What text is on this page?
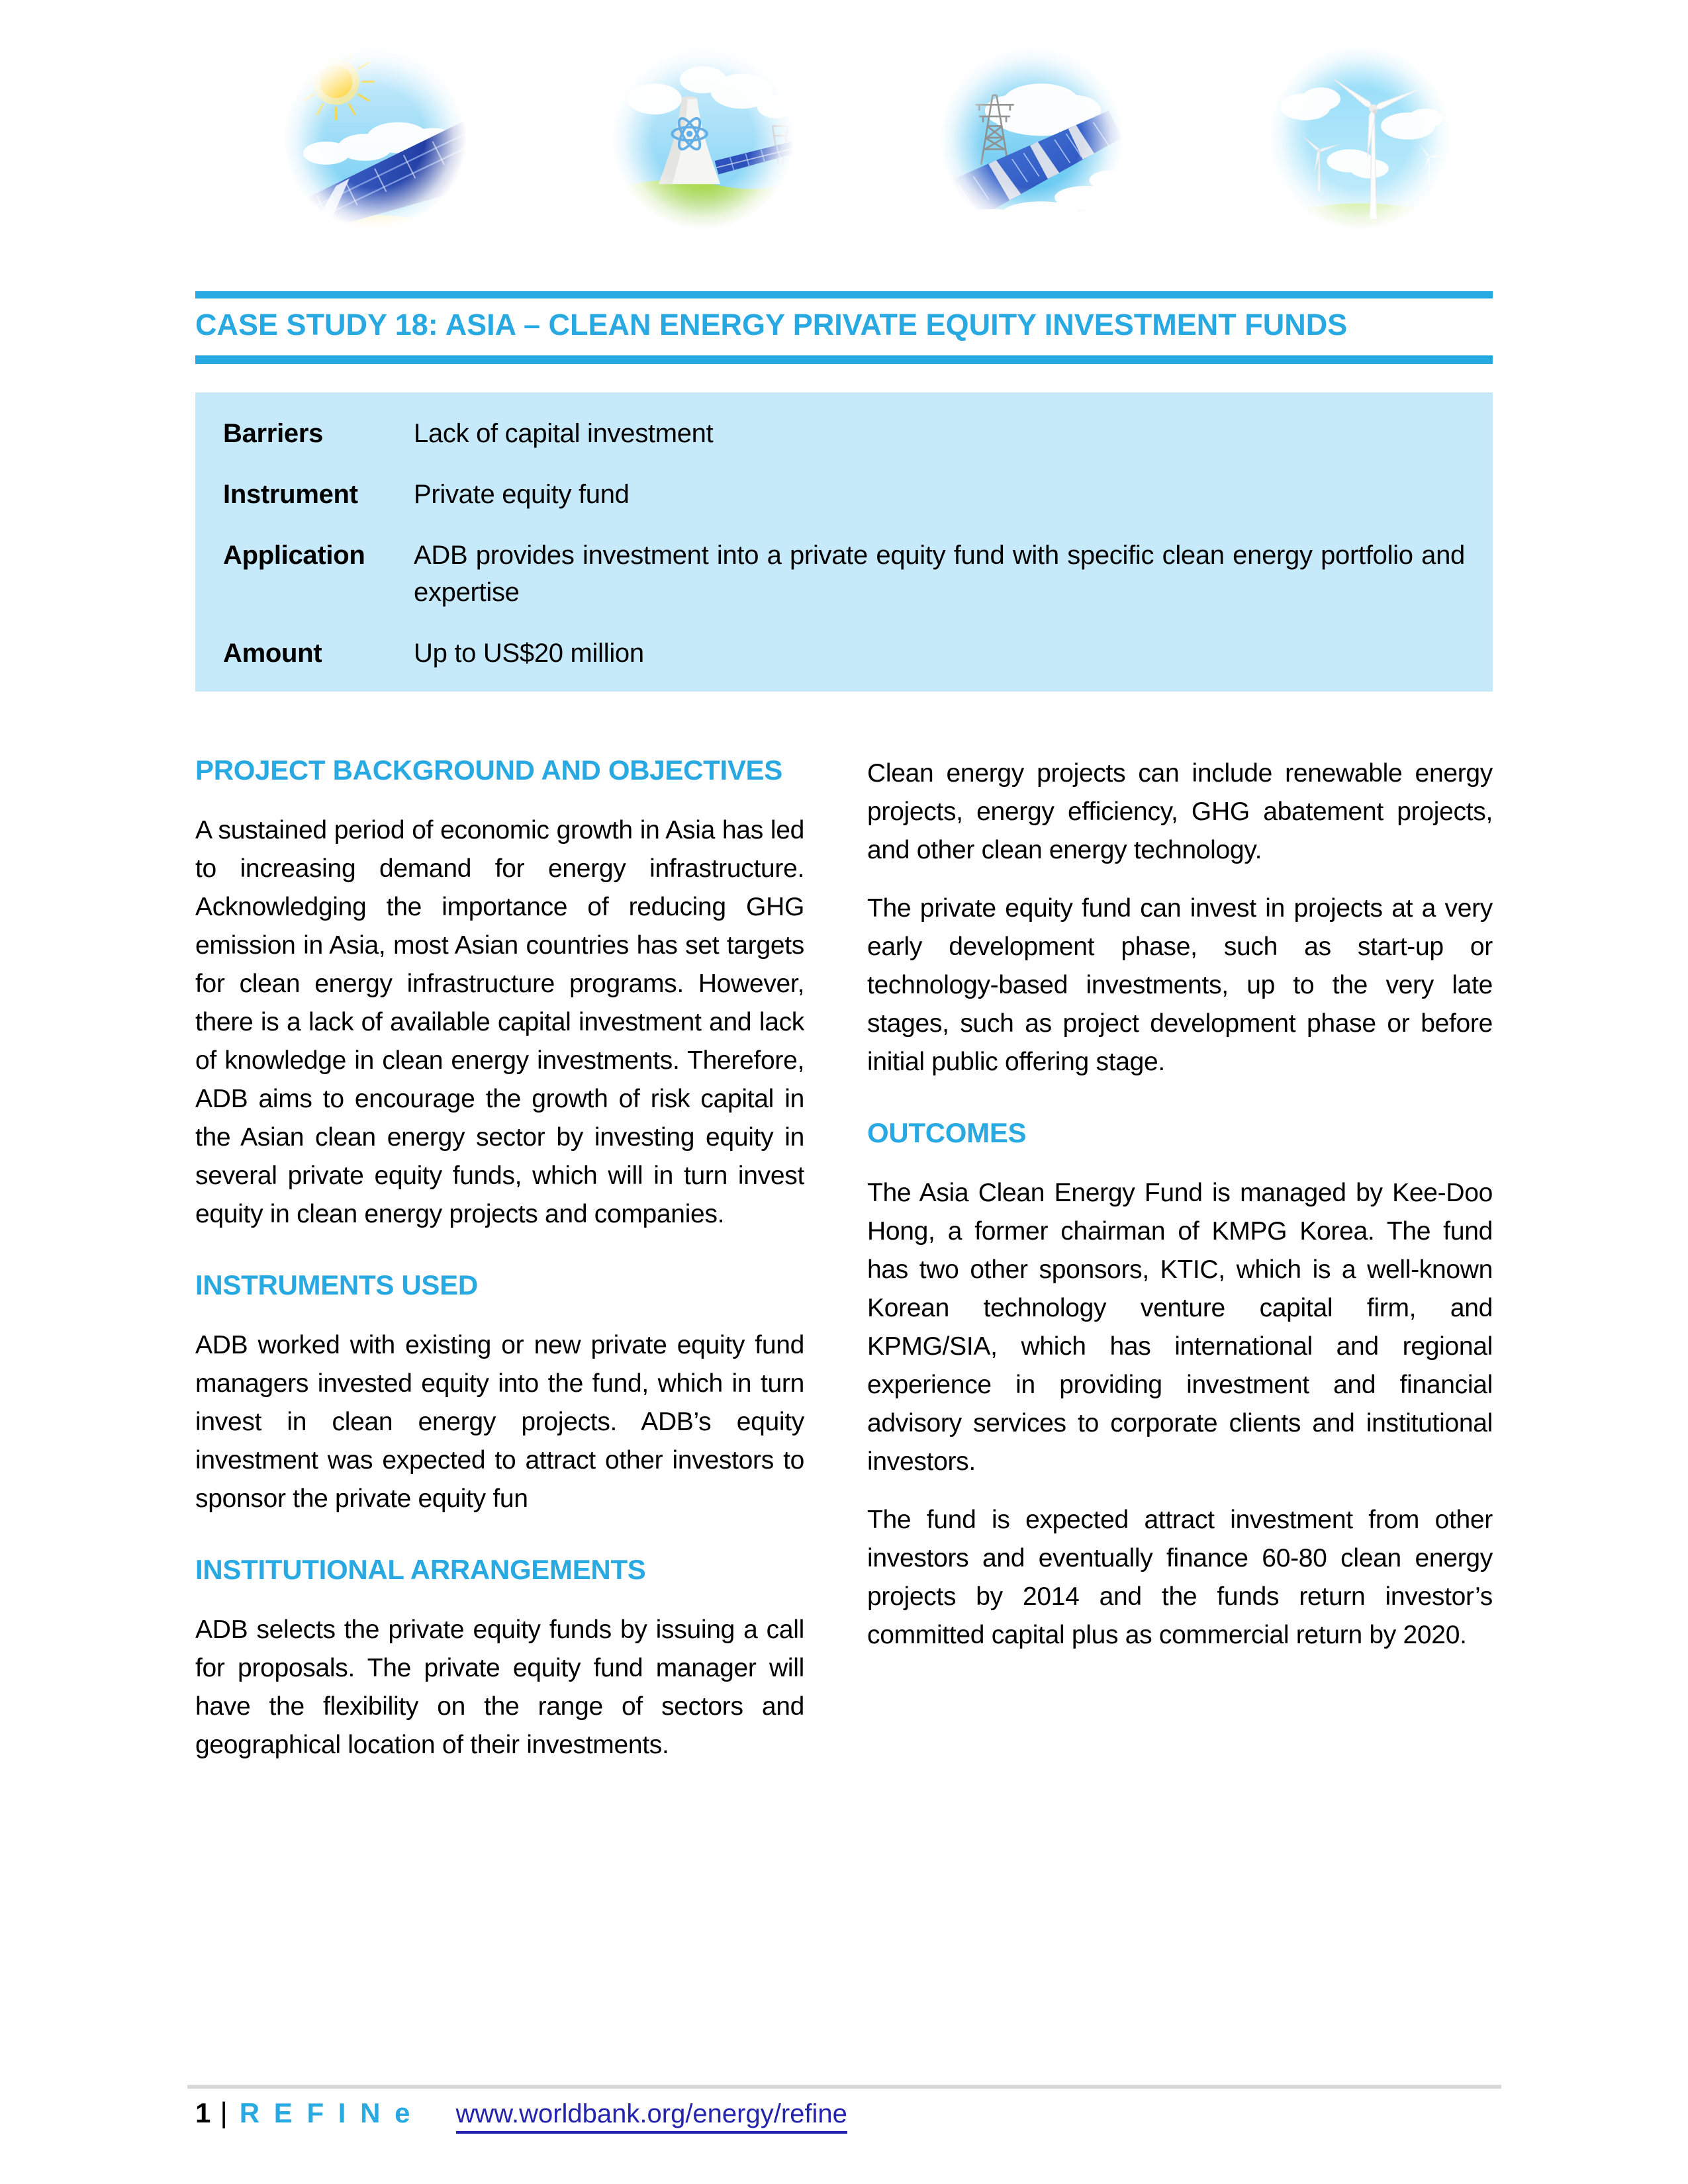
CASE STUDY 18: ASIA – CLEAN ENERGY PRIVATE EQUITY INVESTMENT FUNDS
Barriers	Lack of capital investment
Instrument	Private equity fund
Application	ADB provides investment into a private equity fund with specific clean energy portfolio and expertise
Amount	Up to US$20 million
PROJECT BACKGROUND AND OBJECTIVES

A sustained period of economic growth in Asia has led to increasing demand for energy infrastructure. Acknowledging the importance of reducing GHG emission in Asia, most Asian countries has set targets for clean energy infrastructure programs. However, there is a lack of available capital investment and lack of knowledge in clean energy investments. Therefore, ADB aims to encourage the growth of risk capital in the Asian clean energy sector by investing equity in several private equity funds, which will in turn invest equity in clean energy projects and companies.

INSTRUMENTS USED

ADB worked with existing or new private equity fund managers invested equity into the fund, which in turn invest in clean energy projects. ADB’s equity investment was expected to attract other investors to sponsor the private equity fun

INSTITUTIONAL ARRANGEMENTS

ADB selects the private equity funds by issuing a call for proposals. The private equity fund manager will have the flexibility on the range of sectors and geographical location of their investments.

Clean energy projects can include renewable energy projects, energy efficiency, GHG abatement projects, and other clean energy technology.

The private equity fund can invest in projects at a very early development phase, such as start-up or technology-based investments, up to the very late stages, such as project development phase or before initial public offering stage.

OUTCOMES

The Asia Clean Energy Fund is managed by Kee-Doo Hong, a former chairman of KMPG Korea. The fund has two other sponsors, KTIC, which is a well-known Korean technology venture capital firm, and KPMG/SIA, which has international and regional experience in providing investment and financial advisory services to corporate clients and institutional investors.

The fund is expected attract investment from other investors and eventually finance 60-80 clean energy projects by 2014 and the funds return investor’s committed capital plus as commercial return by 2020.

1 | R E F I N e www.worldbank.org/energy/refine
